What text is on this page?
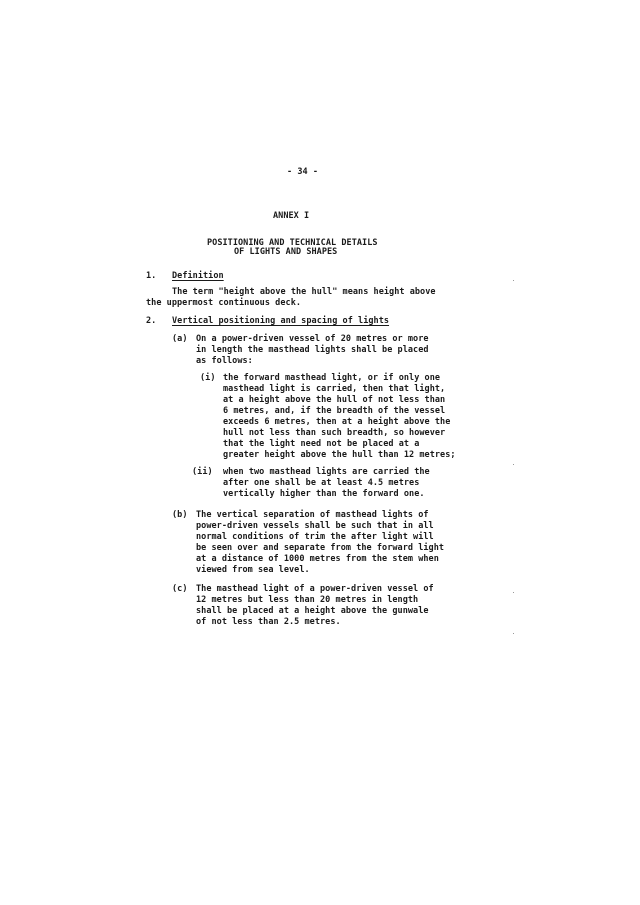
- 34 -
ANNEX I
POSITIONING AND TECHNICAL DETAILS
OF LIGHTS AND SHAPES
1. Definition
The term "height above the hull" means height above
the uppermost continuous deck.
2. Vertical positioning and spacing of lights
(a) On a power-driven vessel of 20 metres or more
in length the masthead lights shall be placed
as follows:
(i) the forward masthead light, or if only one
masthead light is carried, then that light,
at a height above the hull of not less than
6 metres, and, if the breadth of the vessel
exceeds 6 metres, then at a height above the
hull not less than such breadth, so however
that the light need not be placed at a
greater height above the hull than 12 metres;
(ii) when two masthead lights are carried the
after one shall be at least 4.5 metres
vertically higher than the forward one.
(b) The vertical separation of masthead lights of
power-driven vessels shall be such that in all
normal conditions of trim the after light will
be seen over and separate from the forward light
at a distance of 1000 metres from the stem when
viewed from sea level.
(c) The masthead light of a power-driven vessel of
12 metres but less than 20 metres in length
shall be placed at a height above the gunwale
of not less than 2.5 metres.
